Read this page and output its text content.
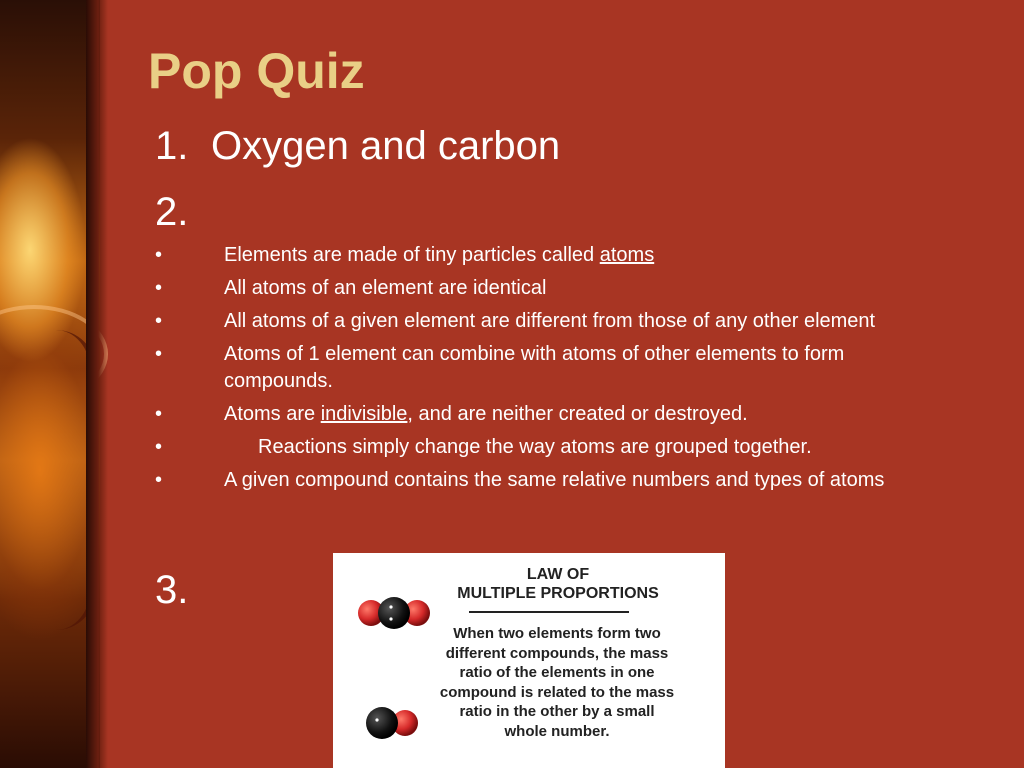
Pop Quiz
1. Oxygen and carbon
2.
•	Elements are made of tiny particles called atoms
•	All atoms of an element are identical
•	All atoms of a given element are different from those of any other element
•	Atoms of 1 element can combine with atoms of other elements to form compounds.
•	Atoms are indivisible, and are neither created or destroyed.
•	Reactions simply change the way atoms are grouped together.
•	A given compound contains the same relative numbers and types of atoms
3.	LAW OF
MULTIPLE PROPORTIONS
When two elements form two different compounds, the mass ratio of the elements in one compound is related to the mass ratio in the other by a small whole number.
